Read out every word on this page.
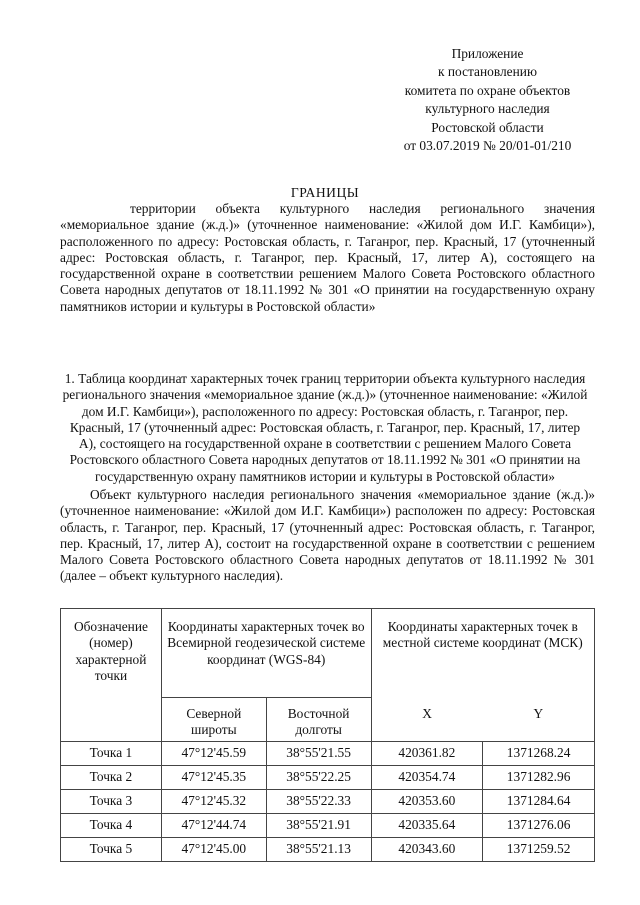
Приложение
к постановлению
комитета по охране объектов
культурного наследия
Ростовской области
от 03.07.2019 № 20/01-01/210
ГРАНИЦЫ
территории объекта культурного наследия регионального значения «мемориальное здание (ж.д.)» (уточненное наименование: «Жилой дом И.Г. Камбици»), расположенного по адресу: Ростовская область, г. Таганрог, пер. Красный, 17 (уточненный адрес: Ростовская область, г. Таганрог, пер. Красный, 17, литер А), состоящего на государственной охране в соответствии решением Малого Совета Ростовского областного Совета народных депутатов от 18.11.1992 № 301 «О принятии на государственную охрану памятников истории и культуры в Ростовской области»
1. Таблица координат характерных точек границ территории объекта культурного наследия регионального значения «мемориальное здание (ж.д.)» (уточненное наименование: «Жилой дом И.Г. Камбици»), расположенного по адресу: Ростовская область, г. Таганрог, пер. Красный, 17 (уточненный адрес: Ростовская область, г. Таганрог, пер. Красный, 17, литер А), состоящего на государственной охране в соответствии с решением Малого Совета Ростовского областного Совета народных депутатов от 18.11.1992 № 301 «О принятии на государственную охрану памятников истории и культуры в Ростовской области»
Объект культурного наследия регионального значения «мемориальное здание (ж.д.)» (уточненное наименование: «Жилой дом И.Г. Камбици») расположен по адресу: Ростовская область, г. Таганрог, пер. Красный, 17 (уточненный адрес: Ростовская область, г. Таганрог, пер. Красный, 17, литер А), состоит на государственной охране в соответствии с решением Малого Совета Ростовского областного Совета народных депутатов от 18.11.1992 № 301 (далее – объект культурного наследия).
Обозначение (номер) характерной точки	Координаты характерных точек во Всемирной геодезической системе координат (WGS-84)		Координаты характерных точек в местной системе координат (МСК)	
	Северной широты	Восточной долготы	X	Y
Точка 1	47°12'45.59	38°55'21.55	420361.82	1371268.24
Точка 2	47°12'45.35	38°55'22.25	420354.74	1371282.96
Точка 3	47°12'45.32	38°55'22.33	420353.60	1371284.64
Точка 4	47°12'44.74	38°55'21.91	420335.64	1371276.06
Точка 5	47°12'45.00	38°55'21.13	420343.60	1371259.52
